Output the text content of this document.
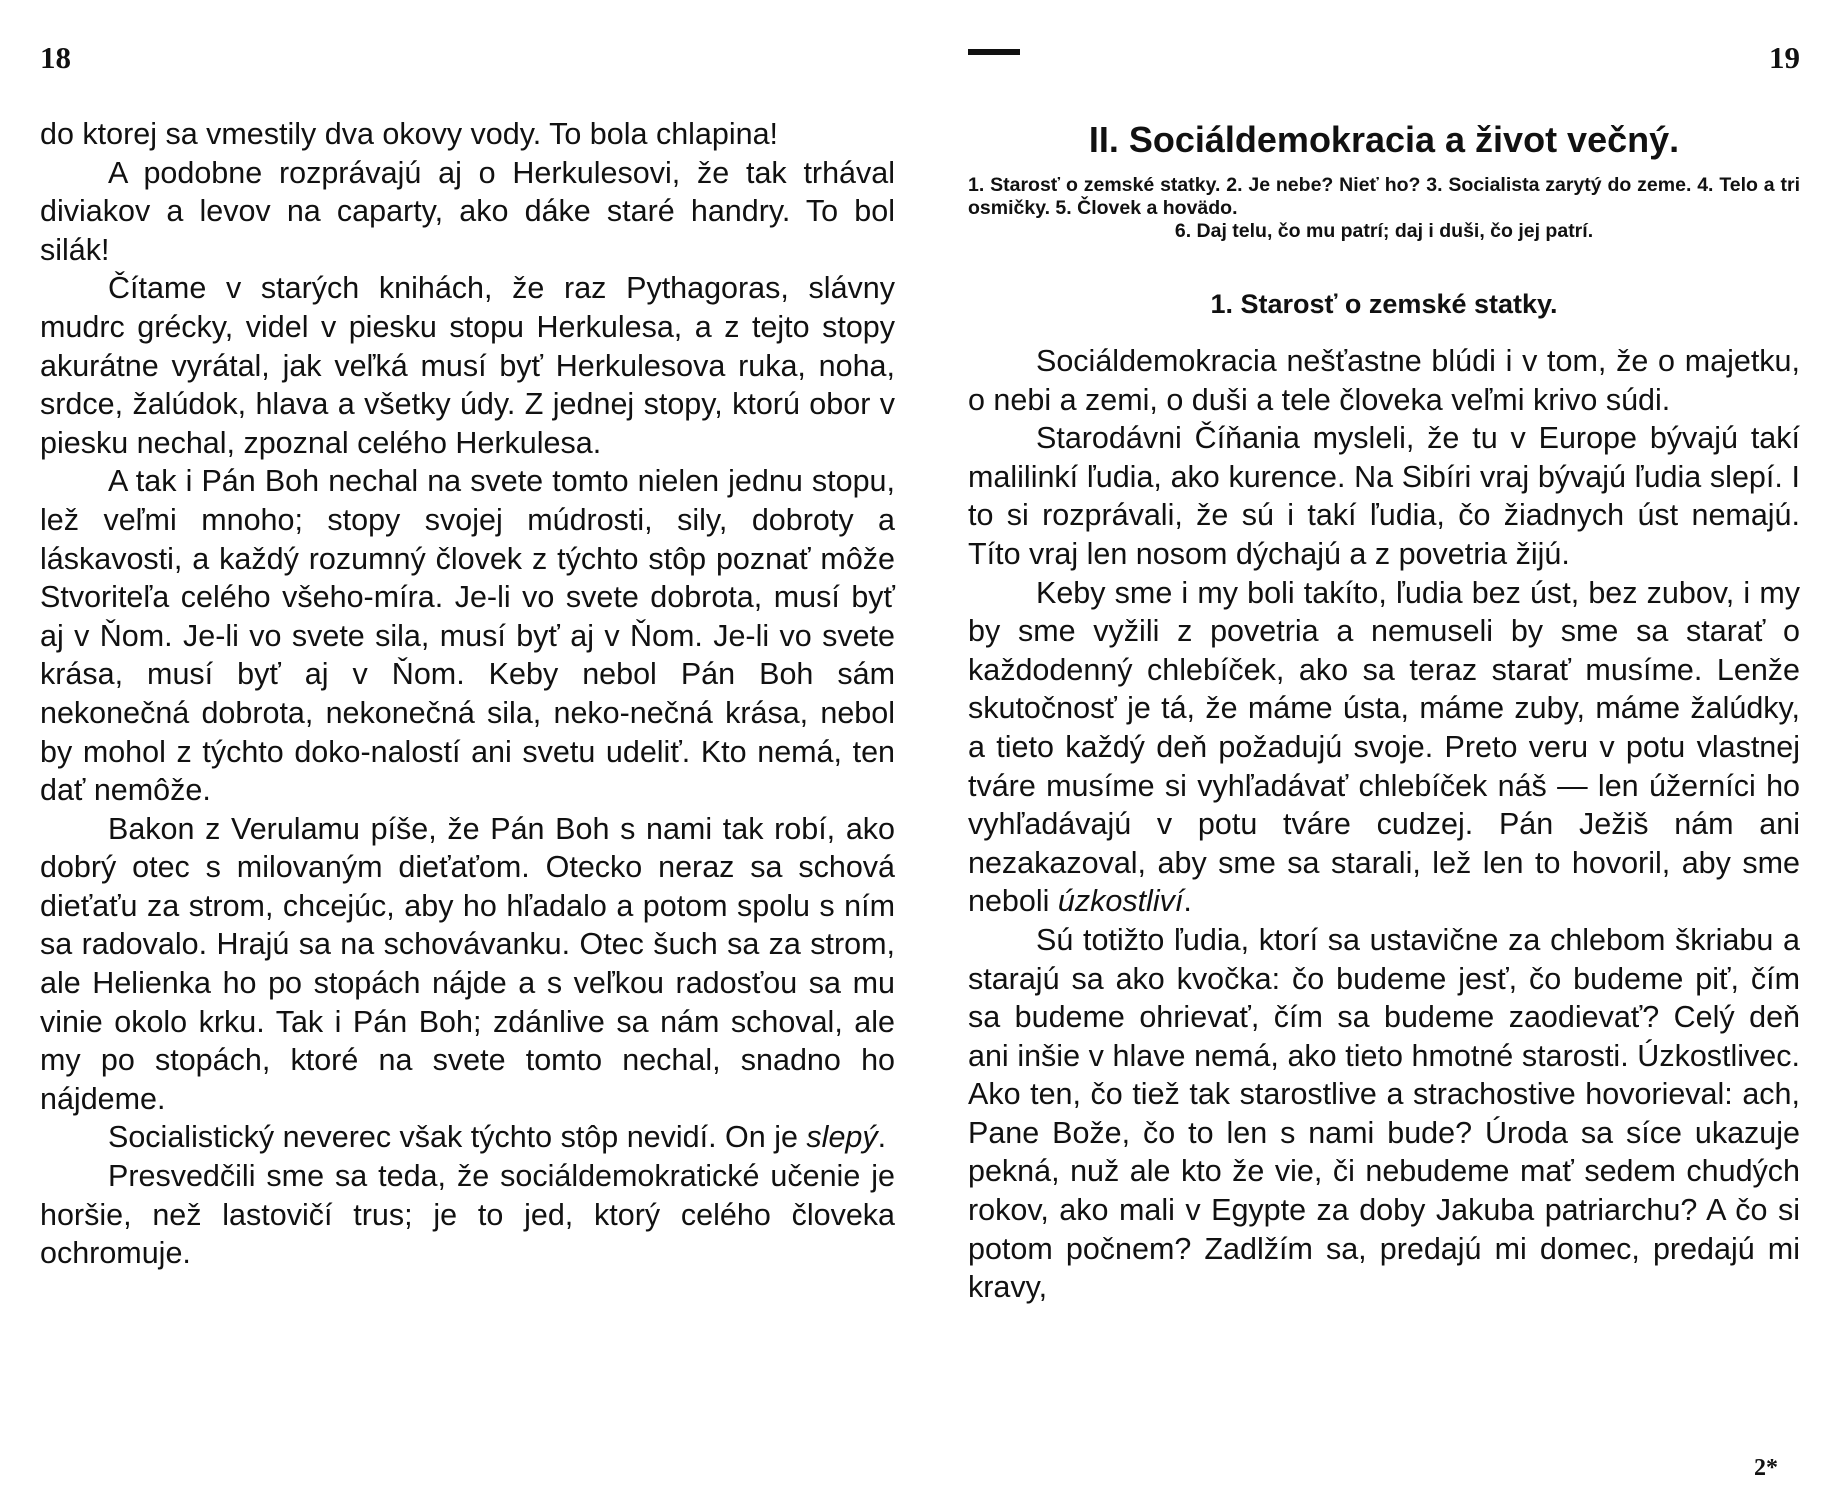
18

do ktorej sa vmestily dva okovy vody. To bola chlapina!

A podobne rozprávajú aj o Herkulesovi, že tak trhával diviakov a levov na caparty, ako dáke staré handry. To bol silák!

Čítame v starých knihách, že raz Pythagoras, slávny mudrc grécky, videl v piesku stopu Herkulesa, a z tejto stopy akurátne vyrátal, jak veľká musí byť Herkulesova ruka, noha, srdce, žalúdok, hlava a všetky údy. Z jednej stopy, ktorú obor v piesku nechal, zpoznal celého Herkulesa.

A tak i Pán Boh nechal na svete tomto nielen jednu stopu, lež veľmi mnoho; stopy svojej múdrosti, sily, dobroty a láskavosti, a každý rozumný človek z týchto stôp poznať môže Stvoriteľa celého všeho-míra. Je-li vo svete dobrota, musí byť aj v Ňom. Je-li vo svete sila, musí byť aj v Ňom. Je-li vo svete krása, musí byť aj v Ňom. Keby nebol Pán Boh sám nekonečná dobrota, nekonečná sila, neko-nečná krása, nebol by mohol z týchto doko-nalostí ani svetu udeliť. Kto nemá, ten dať nemôže.

Bakon z Verulamu píše, že Pán Boh s nami tak robí, ako dobrý otec s milovaným dieťaťom. Otecko neraz sa schová dieťaťu za strom, chcejúc, aby ho hľadalo a potom spolu s ním sa radovalo. Hrajú sa na schovávanku. Otec šuch sa za strom, ale Helienka ho po stopách nájde a s veľkou radosťou sa mu vinie okolo krku. Tak i Pán Boh; zdánlive sa nám schoval, ale my po stopách, ktoré na svete tomto nechal, snadno ho nájdeme.

Socialistický neverec však týchto stôp nevidí. On je slepý.

Presvedčili sme sa teda, že sociáldemokratické učenie je horšie, než lastovičí trus; je to jed, ktorý celého človeka ochromuje.

19
II. Sociáldemokracia a život večný.
1. Starosť o zemské statky. 2. Je nebe? Nieť ho? 3. Socialista zarytý do zeme. 4. Telo a tri osmičky. 5. Človek a hovädo.
6. Daj telu, čo mu patrí; daj i duši, čo jej patrí.
1. Starosť o zemské statky.

Sociáldemokracia nešťastne blúdi i v tom, že o majetku, o nebi a zemi, o duši a tele človeka veľmi krivo súdi.

Starodávni Číňania mysleli, že tu v Europe bývajú takí malilinkí ľudia, ako kurence. Na Sibíri vraj bývajú ľudia slepí. I to si rozprávali, že sú i takí ľudia, čo žiadnych úst nemajú. Títo vraj len nosom dýchajú a z povetria žijú.

Keby sme i my boli takíto, ľudia bez úst, bez zubov, i my by sme vyžili z povetria a nemuseli by sme sa starať o každodenný chlebíček, ako sa teraz starať musíme. Lenže skutočnosť je tá, že máme ústa, máme zuby, máme žalúdky, a tieto každý deň požadujú svoje. Preto veru v potu vlastnej tváre musíme si vyhľadávať chlebíček náš — len úžerníci ho vyhľadávajú v potu tváre cudzej. Pán Ježiš nám ani nezakazoval, aby sme sa starali, lež len to hovoril, aby sme neboli úzkostliví.

Sú totižto ľudia, ktorí sa ustavične za chlebom škriabu a starajú sa ako kvočka: čo budeme jesť, čo budeme piť, čím sa budeme ohrievať, čím sa budeme zaodievať? Celý deň ani inšie v hlave nemá, ako tieto hmotné starosti. Úzkostlivec. Ako ten, čo tiež tak starostlive a strachostive hovorieval: ach, Pane Bože, čo to len s nami bude? Úroda sa síce ukazuje pekná, nuž ale kto že vie, či nebudeme mať sedem chudých rokov, ako mali v Egypte za doby Jakuba patriarchu? A čo si potom počnem? Zadlžím sa, predajú mi domec, predajú mi kravy,

2*
